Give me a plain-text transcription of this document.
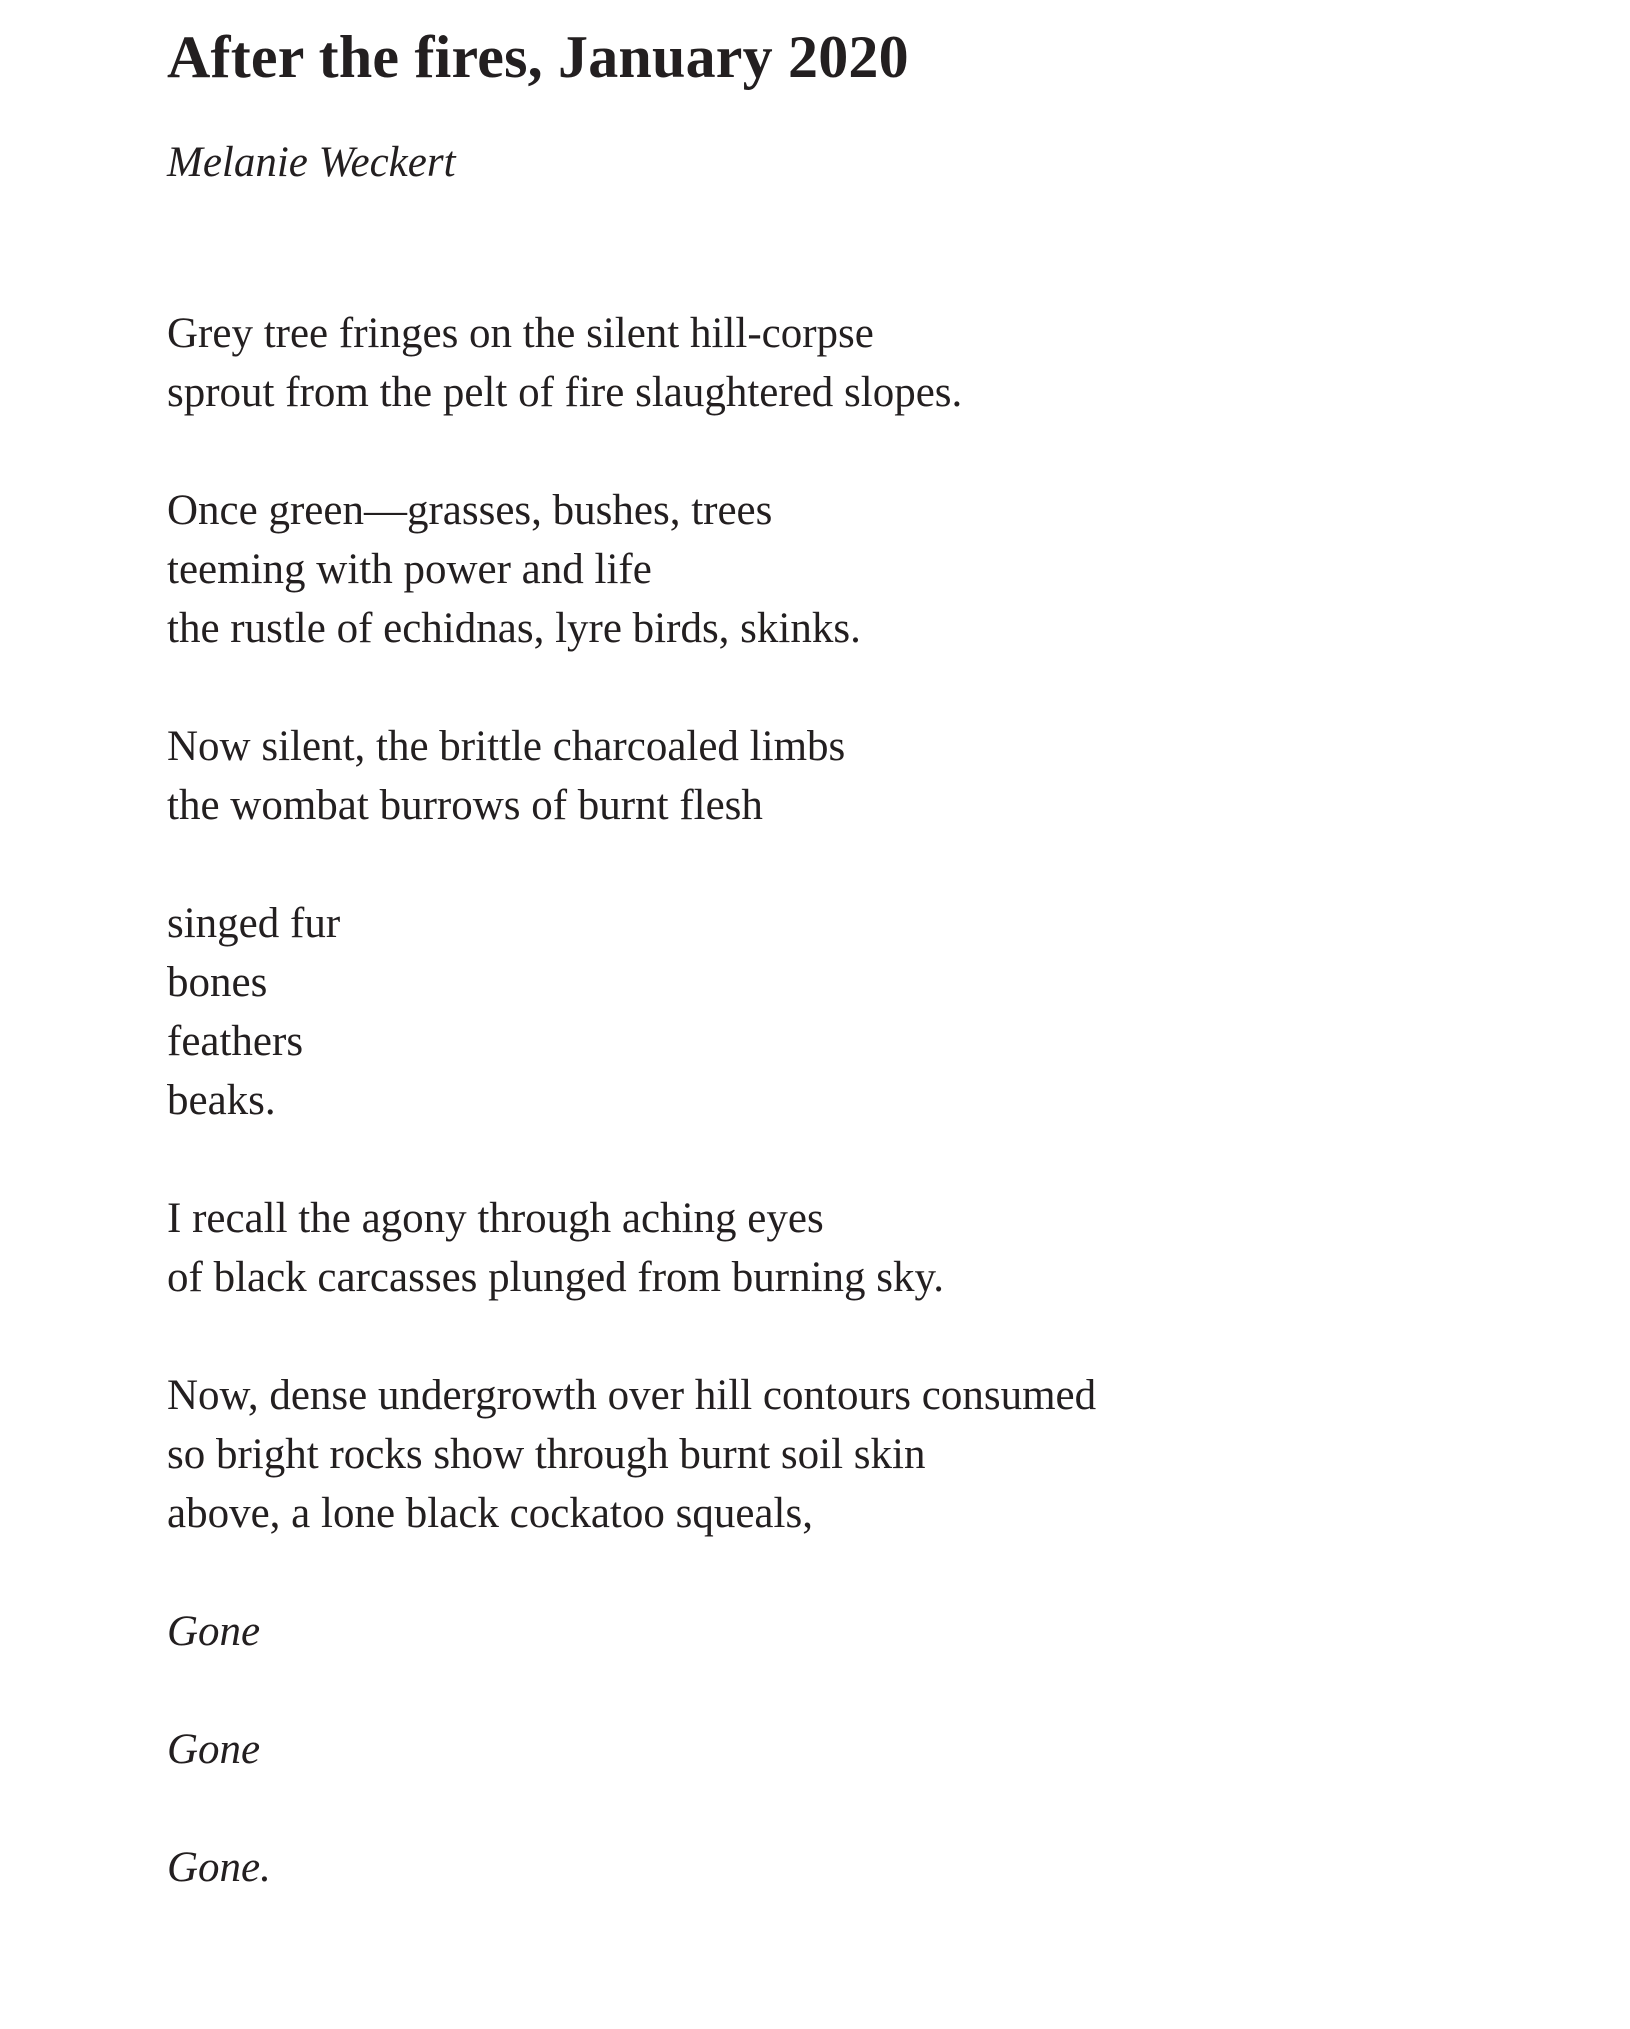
After the fires, January 2020

Melanie Weckert

Grey tree fringes on the silent hill-corpse
sprout from the pelt of fire slaughtered slopes.

Once green—grasses, bushes, trees
teeming with power and life
the rustle of echidnas, lyre birds, skinks.

Now silent, the brittle charcoaled limbs
the wombat burrows of burnt flesh

singed fur
bones
feathers
beaks.

I recall the agony through aching eyes
of black carcasses plunged from burning sky.

Now, dense undergrowth over hill contours consumed
so bright rocks show through burnt soil skin
above, a lone black cockatoo squeals,

Gone

Gone

Gone.
